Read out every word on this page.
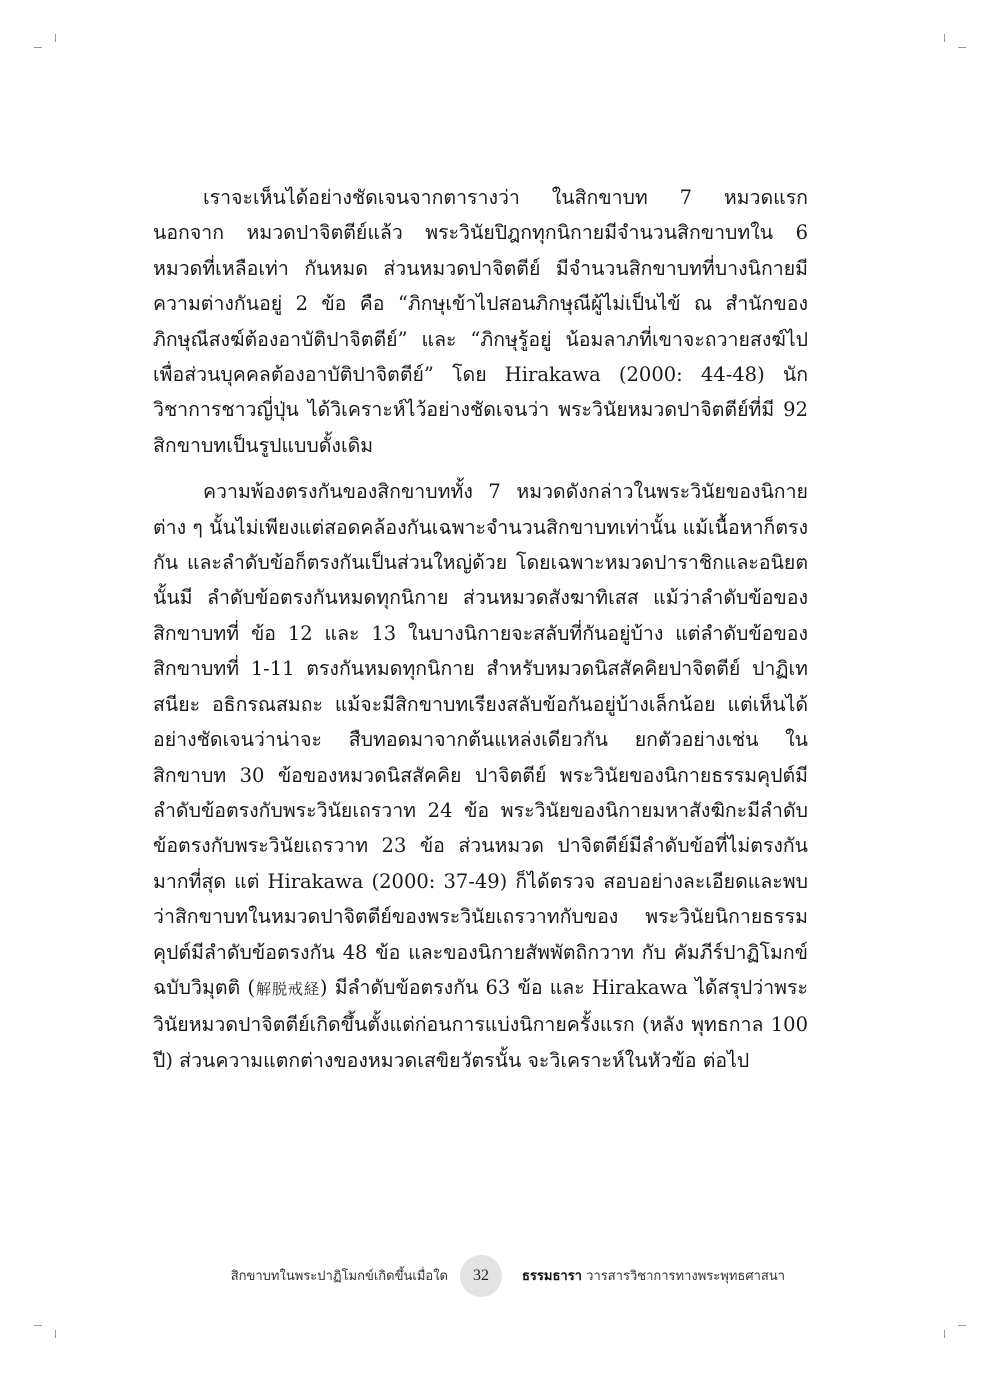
เราจะเห็นได้อย่างชัดเจนจากตารางว่า ในสิกขาบท 7 หมวดแรก นอกจาก หมวดปาจิตตีย์แล้ว พระวินัยปิฎกทุกนิกายมีจำนวนสิกขาบทใน 6 หมวดที่เหลือเท่า กันหมด ส่วนหมวดปาจิตตีย์ มีจำนวนสิกขาบทที่บางนิกายมีความต่างกันอยู่ 2 ข้อ คือ “ภิกษุเข้าไปสอนภิกษุณีผู้ไม่เป็นไข้ ณ สำนักของภิกษุณีสงฆ์ต้องอาบัติปาจิตตีย์” และ “ภิกษุรู้อยู่ น้อมลาภที่เขาจะถวายสงฆ์ไปเพื่อส่วนบุคคลต้องอาบัติปาจิตตีย์” โดย Hirakawa (2000: 44-48) นักวิชาการชาวญี่ปุ่น ได้วิเคราะห์ไว้อย่างชัดเจนว่า พระวินัยหมวดปาจิตตีย์ที่มี 92 สิกขาบทเป็นรูปแบบดั้งเดิม

ความพ้องตรงกันของสิกขาบททั้ง 7 หมวดดังกล่าวในพระวินัยของนิกาย ต่าง ๆ นั้นไม่เพียงแต่สอดคล้องกันเฉพาะจำนวนสิกขาบทเท่านั้น แม้เนื้อหาก็ตรงกัน และลำดับข้อก็ตรงกันเป็นส่วนใหญ่ด้วย โดยเฉพาะหมวดปาราชิกและอนิยตนั้นมี ลำดับข้อตรงกันหมดทุกนิกาย ส่วนหมวดสังฆาทิเสส แม้ว่าลำดับข้อของสิกขาบทที่ ข้อ 12 และ 13 ในบางนิกายจะสลับที่กันอยู่บ้าง แต่ลำดับข้อของสิกขาบทที่ 1-11 ตรงกันหมดทุกนิกาย สำหรับหมวดนิสสัคคิยปาจิตตีย์ ปาฏิเทสนียะ อธิกรณสมถะ แม้จะมีสิกขาบทเรียงสลับข้อกันอยู่บ้างเล็กน้อย แต่เห็นได้อย่างชัดเจนว่าน่าจะ สืบทอดมาจากต้นแหล่งเดียวกัน ยกตัวอย่างเช่น ในสิกขาบท 30 ข้อของหมวดนิสสัคคิย ปาจิตตีย์ พระวินัยของนิกายธรรมคุปต์มีลำดับข้อตรงกับพระวินัยเถรวาท 24 ข้อ พระวินัยของนิกายมหาสังฆิกะมีลำดับข้อตรงกับพระวินัยเถรวาท 23 ข้อ ส่วนหมวด ปาจิตตีย์มีลำดับข้อที่ไม่ตรงกันมากที่สุด แต่ Hirakawa (2000: 37-49) ก็ได้ตรวจ สอบอย่างละเอียดและพบว่าสิกขาบทในหมวดปาจิตตีย์ของพระวินัยเถรวาทกับของ พระวินัยนิกายธรรมคุปต์มีลำดับข้อตรงกัน 48 ข้อ และของนิกายสัพพัตถิกวาท กับ คัมภีร์ปาฏิโมกข์ฉบับวิมุตติ (解脱戒経) มีลำดับข้อตรงกัน 63 ข้อ และ Hirakawa ได้สรุปว่าพระวินัยหมวดปาจิตตีย์เกิดขึ้นตั้งแต่ก่อนการแบ่งนิกายครั้งแรก (หลัง พุทธกาล 100 ปี) ส่วนความแตกต่างของหมวดเสขิยวัตรนั้น จะวิเคราะห์ในหัวข้อ ต่อไป

สิกขาบทในพระปาฏิโมกข์เกิดขึ้นเมื่อใด	32	ธรรมธารา วารสารวิชาการทางพระพุทธศาสนา
